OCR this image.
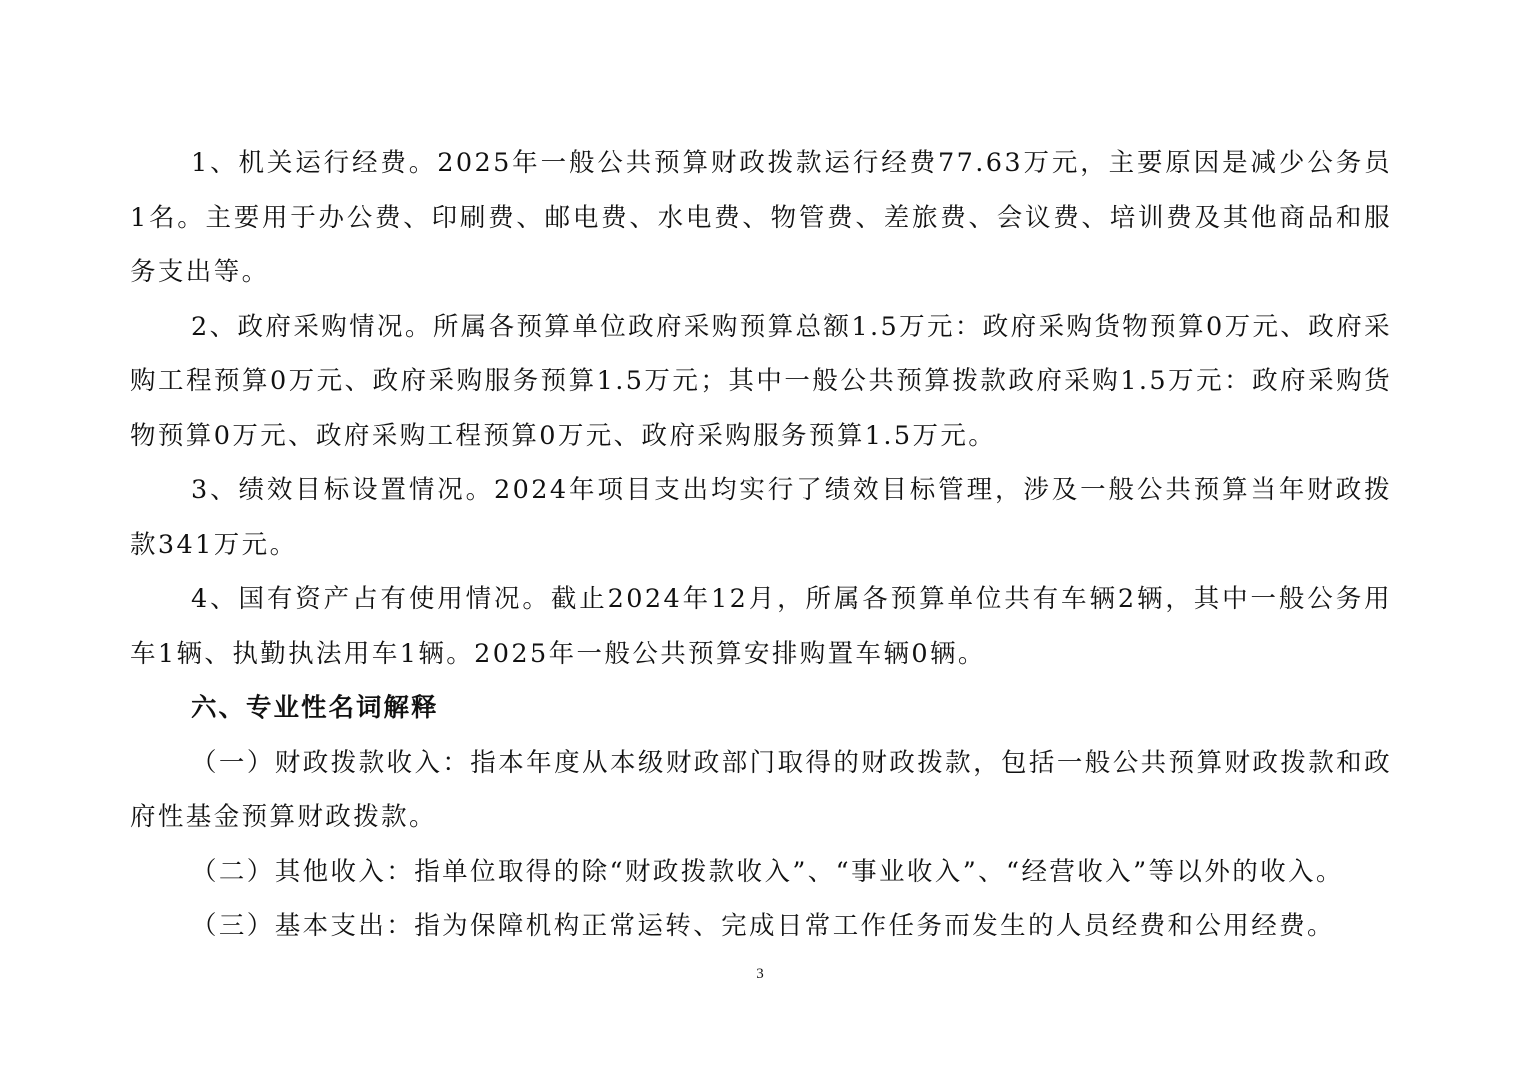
1、机关运行经费。2025年一般公共预算财政拨款运行经费77.63万元，主要原因是减少公务员1名。主要用于办公费、印刷费、邮电费、水电费、物管费、差旅费、会议费、培训费及其他商品和服务支出等。

2、政府采购情况。所属各预算单位政府采购预算总额1.5万元：政府采购货物预算0万元、政府采购工程预算0万元、政府采购服务预算1.5万元；其中一般公共预算拨款政府采购1.5万元：政府采购货物预算0万元、政府采购工程预算0万元、政府采购服务预算1.5万元。

3、绩效目标设置情况。2024年项目支出均实行了绩效目标管理，涉及一般公共预算当年财政拨款341万元。

4、国有资产占有使用情况。截止2024年12月，所属各预算单位共有车辆2辆，其中一般公务用车1辆、执勤执法用车1辆。2025年一般公共预算安排购置车辆0辆。

六、专业性名词解释

（一）财政拨款收入：指本年度从本级财政部门取得的财政拨款，包括一般公共预算财政拨款和政府性基金预算财政拨款。

（二）其他收入：指单位取得的除“财政拨款收入”、“事业收入”、“经营收入”等以外的收入。

（三）基本支出：指为保障机构正常运转、完成日常工作任务而发生的人员经费和公用经费。

3
